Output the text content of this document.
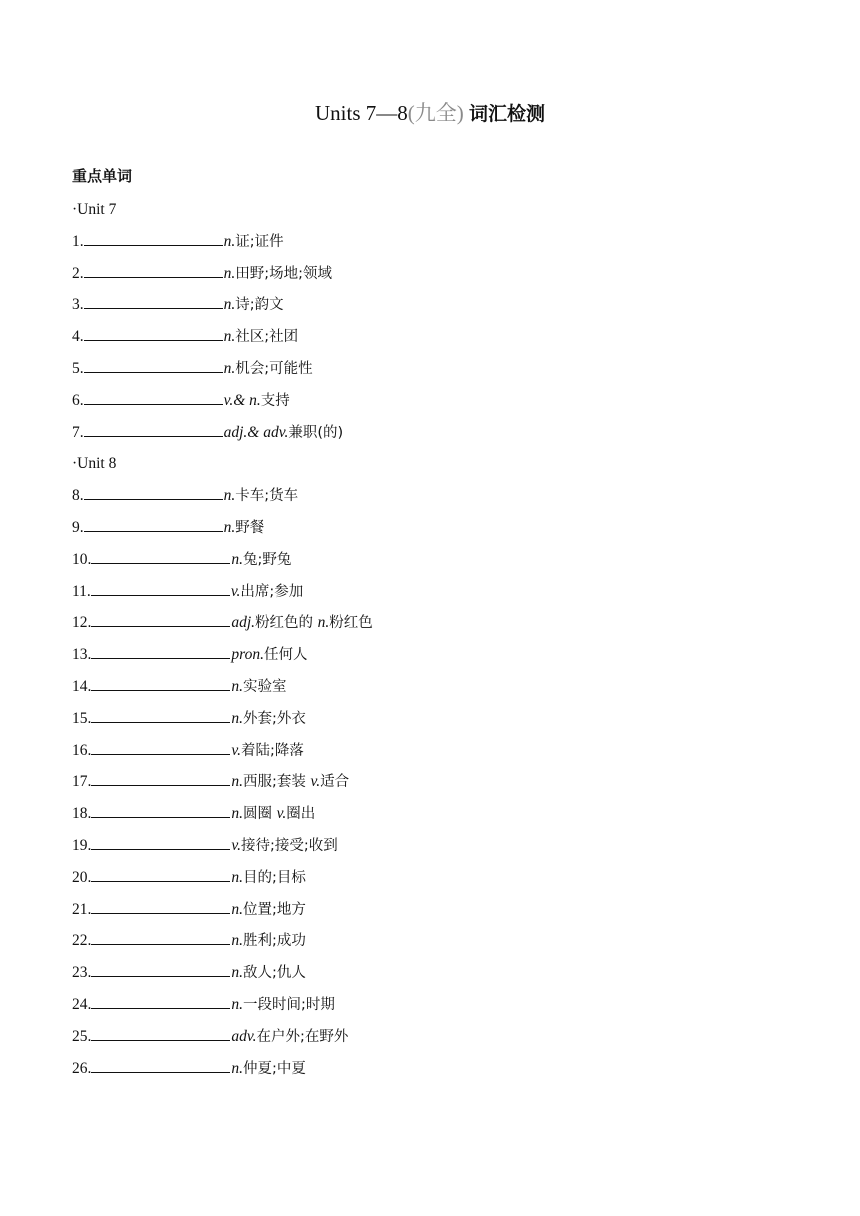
Units 7—8(九全) 词汇检测
重点单词
·Unit 7
1.	n.证;证件
2.	n.田野;场地;领域
3.	n.诗;韵文
4.	n.社区;社团
5.	n.机会;可能性
6.	v.& n.支持
7.	adj.& adv.兼职(的)
·Unit 8
8.	n.卡车;货车
9.	n.野餐
10.	n.兔;野兔
11.	v.出席;参加
12.	adj.粉红色的 n.粉红色
13.	pron.任何人
14.	n.实验室
15.	n.外套;外衣
16.	v.着陆;降落
17.	n.西服;套装 v.适合
18.	n.圆圈 v.圈出
19.	v.接待;接受;收到
20.	n.目的;目标
21.	n.位置;地方
22.	n.胜利;成功
23.	n.敌人;仇人
24.	n.一段时间;时期
25.	adv.在户外;在野外
26.	n.仲夏;中夏
